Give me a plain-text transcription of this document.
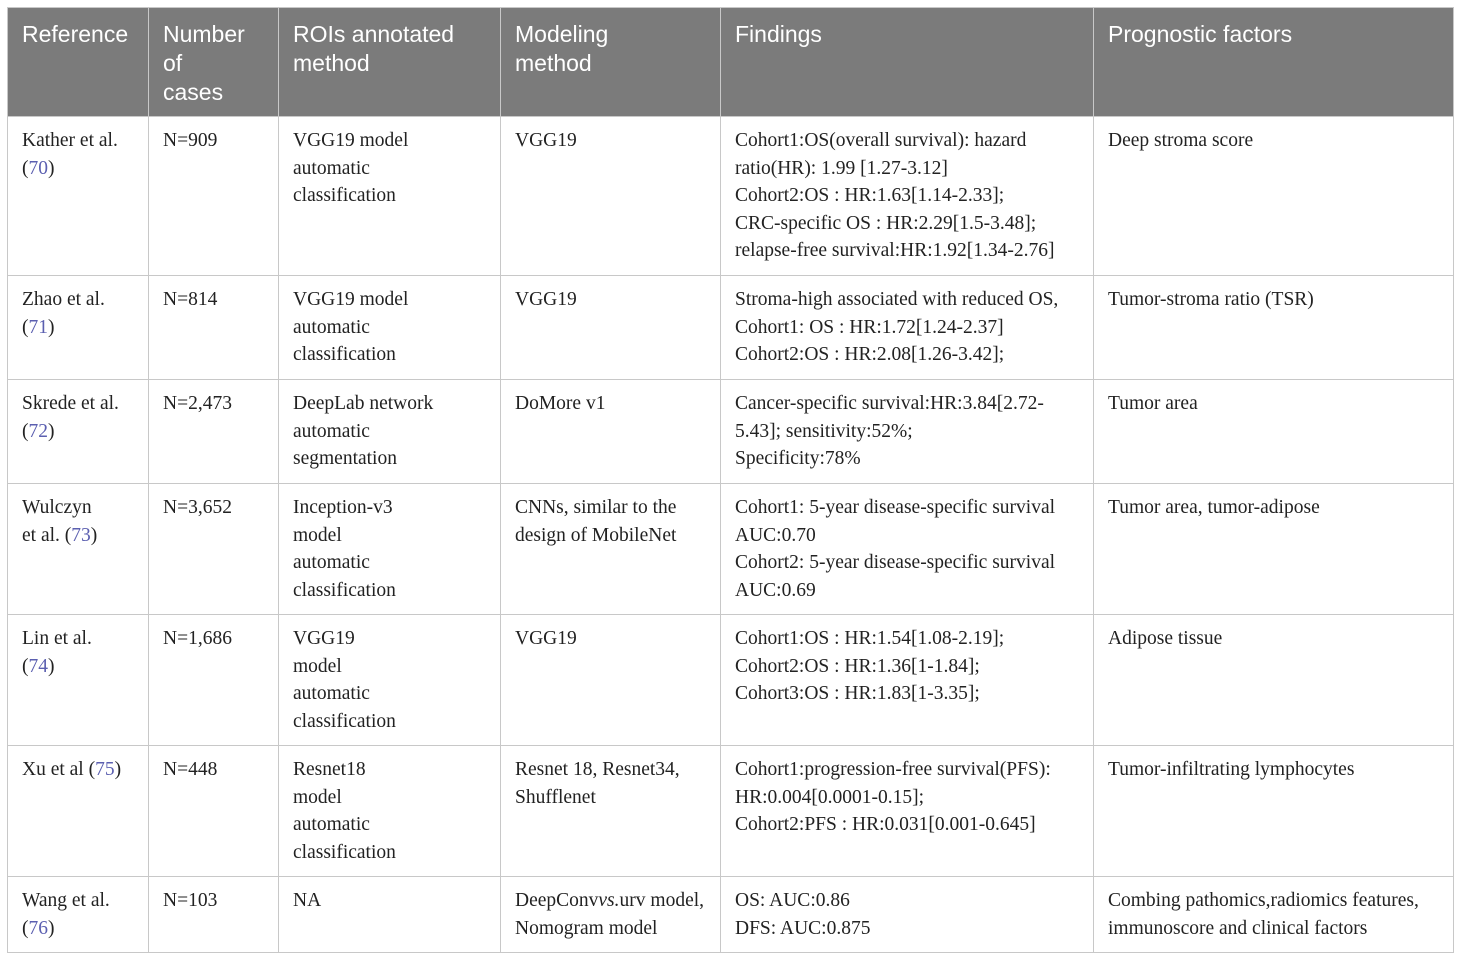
Reference	Number
of
cases	ROIs annotated
method	Modeling
method	Findings	Prognostic factors

Kather et al.
(70)	N=909	VGG19 model
automatic
classification	VGG19	Cohort1:OS(overall survival): hazard
ratio(HR): 1.99 [1.27-3.12]
Cohort2:OS : HR:1.63[1.14-2.33];
CRC-specific OS : HR:2.29[1.5-3.48];
relapse-free survival:HR:1.92[1.34-2.76]	Deep stroma score

Zhao et al.
(71)	N=814	VGG19 model
automatic
classification	VGG19	Stroma-high associated with reduced OS,
Cohort1: OS : HR:1.72[1.24-2.37]
Cohort2:OS : HR:2.08[1.26-3.42];	Tumor-stroma ratio (TSR)

Skrede et al.
(72)	N=2,473	DeepLab network
automatic
segmentation	DoMore v1	Cancer-specific survival:HR:3.84[2.72-
5.43]; sensitivity:52%;
Specificity:78%	Tumor area

Wulczyn
et al. (73)	N=3,652	Inception-v3
model
automatic
classification	CNNs, similar to the
design of MobileNet	Cohort1: 5-year disease-specific survival
AUC:0.70
Cohort2: 5-year disease-specific survival
AUC:0.69	Tumor area, tumor-adipose

Lin et al.
(74)	N=1,686	VGG19
model
automatic
classification	VGG19	Cohort1:OS : HR:1.54[1.08-2.19];
Cohort2:OS : HR:1.36[1-1.84];
Cohort3:OS : HR:1.83[1-3.35];	Adipose tissue

Xu et al (75)	N=448	Resnet18
model
automatic
classification	Resnet 18, Resnet34,
Shufflenet	Cohort1:progression-free survival(PFS):
HR:0.004[0.0001-0.15];
Cohort2:PFS : HR:0.031[0.001-0.645]	Tumor-infiltrating lymphocytes

Wang et al.
(76)	N=103	NA	DeepConvvs.urv model,
Nomogram model	OS: AUC:0.86
DFS: AUC:0.875	Combing pathomics,radiomics features,
immunoscore and clinical factors
